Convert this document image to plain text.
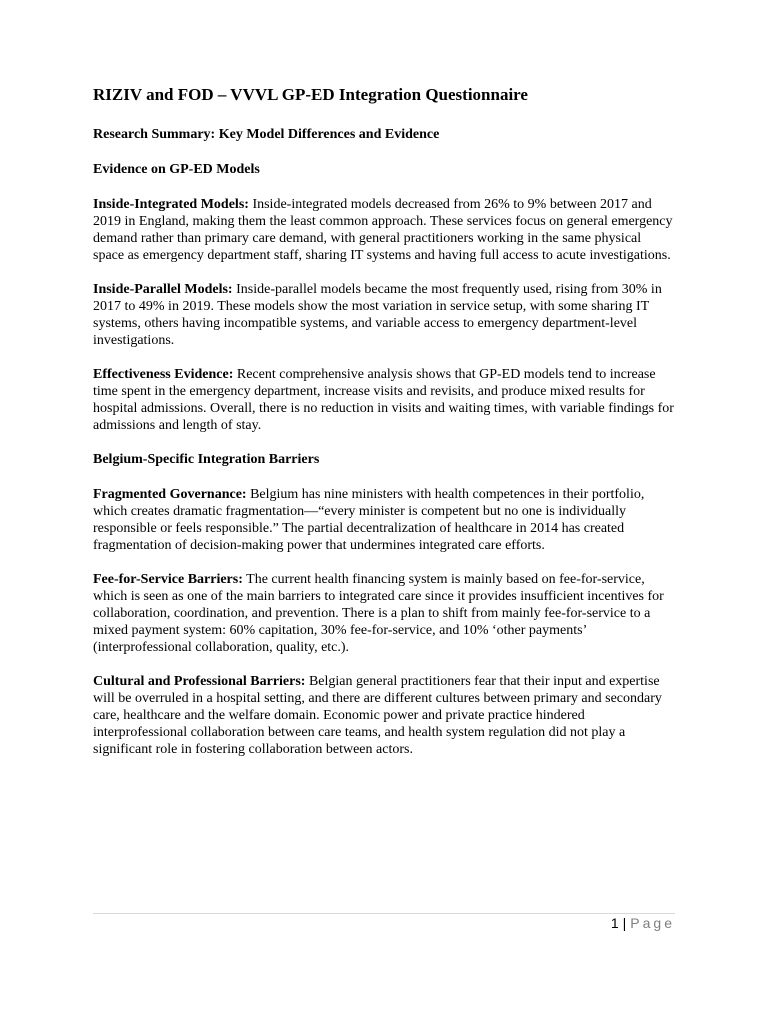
RIZIV and FOD – VVVL GP-ED Integration Questionnaire
Research Summary: Key Model Differences and Evidence
Evidence on GP-ED Models

Inside-Integrated Models: Inside-integrated models decreased from 26% to 9% between 2017 and 2019 in England, making them the least common approach. These services focus on general emergency demand rather than primary care demand, with general practitioners working in the same physical space as emergency department staff, sharing IT systems and having full access to acute investigations.

Inside-Parallel Models: Inside-parallel models became the most frequently used, rising from 30% in 2017 to 49% in 2019. These models show the most variation in service setup, with some sharing IT systems, others having incompatible systems, and variable access to emergency department-level investigations.

Effectiveness Evidence: Recent comprehensive analysis shows that GP-ED models tend to increase time spent in the emergency department, increase visits and revisits, and produce mixed results for hospital admissions. Overall, there is no reduction in visits and waiting times, with variable findings for admissions and length of stay.

Belgium-Specific Integration Barriers

Fragmented Governance: Belgium has nine ministers with health competences in their portfolio, which creates dramatic fragmentation—“every minister is competent but no one is individually responsible or feels responsible.” The partial decentralization of healthcare in 2014 has created fragmentation of decision-making power that undermines integrated care efforts.

Fee-for-Service Barriers: The current health financing system is mainly based on fee-for-service, which is seen as one of the main barriers to integrated care since it provides insufficient incentives for collaboration, coordination, and prevention. There is a plan to shift from mainly fee-for-service to a mixed payment system: 60% capitation, 30% fee-for-service, and 10% ‘other payments’ (interprofessional collaboration, quality, etc.).

Cultural and Professional Barriers: Belgian general practitioners fear that their input and expertise will be overruled in a hospital setting, and there are different cultures between primary and secondary care, healthcare and the welfare domain. Economic power and private practice hindered interprofessional collaboration between care teams, and health system regulation did not play a significant role in fostering collaboration between actors.

1 | Page
